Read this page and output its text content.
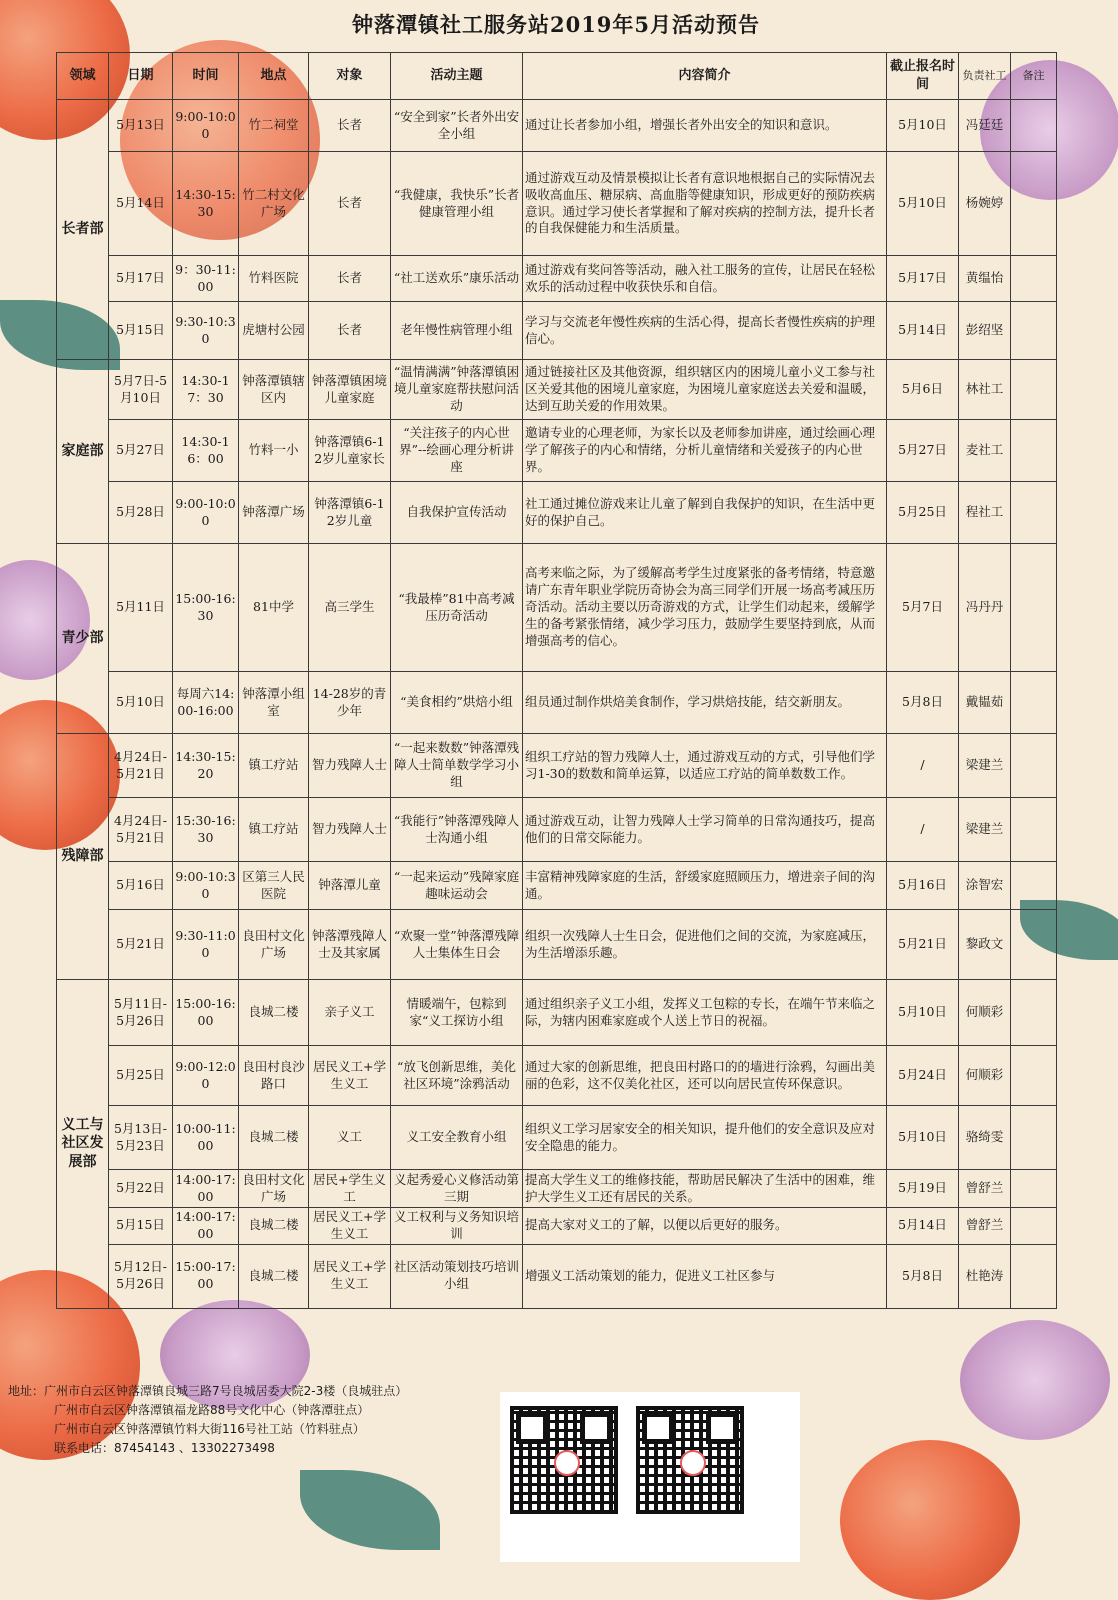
钟落潭镇社工服务站2019年5月活动预告
领域	日期	时间	地点	对象	活动主题	内容简介	截止报名时间	负责社工	备注
长者部	5月13日	9:00-10:00	竹二祠堂	长者	“安全到家”长者外出安全小组	通过让长者参加小组，增强长者外出安全的知识和意识。	5月10日	冯廷廷	
	5月14日	14:30-15:30	竹二村文化广场	长者	“我健康，我快乐”长者健康管理小组	通过游戏互动及情景模拟让长者有意识地根据自己的实际情况去吸收高血压、糖尿病、高血脂等健康知识，形成更好的预防疾病意识。通过学习使长者掌握和了解对疾病的控制方法，提升长者的自我保健能力和生活质量。	5月10日	杨婉婷	
	5月17日	9：30-11:00	竹料医院	长者	“社工送欢乐”康乐活动	通过游戏有奖问答等活动，融入社工服务的宣传，让居民在轻松欢乐的活动过程中收获快乐和自信。	5月17日	黄缊怡	
	5月15日	9:30-10:30	虎塘村公园	长者	老年慢性病管理小组	学习与交流老年慢性疾病的生活心得，提高长者慢性疾病的护理信心。	5月14日	彭绍坚	
家庭部	5月7日-5月10日	14:30-17：30	钟落潭镇辖区内	钟落潭镇困境儿童家庭	“温情满满”钟落潭镇困境儿童家庭帮扶慰问活动	通过链接社区及其他资源，组织辖区内的困境儿童小义工参与社区关爱其他的困境儿童家庭，为困境儿童家庭送去关爱和温暖，达到互助关爱的作用效果。	5月6日	林社工	
	5月27日	14:30-16：00	竹料一小	钟落潭镇6-12岁儿童家长	“关注孩子的内心世界”--绘画心理分析讲座	邀请专业的心理老师，为家长以及老师参加讲座，通过绘画心理学了解孩子的内心和情绪，分析儿童情绪和关爱孩子的内心世界。	5月27日	麦社工	
	5月28日	9:00-10:00	钟落潭广场	钟落潭镇6-12岁儿童	自我保护宣传活动	社工通过摊位游戏来让儿童了解到自我保护的知识，在生活中更好的保护自己。	5月25日	程社工	
青少部	5月11日	15:00-16:30	81中学	高三学生	“我最棒”81中高考减压历奇活动	高考来临之际，为了缓解高考学生过度紧张的备考情绪，特意邀请广东青年职业学院历奇协会为高三同学们开展一场高考减压历奇活动。活动主要以历奇游戏的方式，让学生们动起来，缓解学生的备考紧张情绪，减少学习压力，鼓励学生要坚持到底，从而增强高考的信心。	5月7日	冯丹丹	
	5月10日	每周六14:00-16:00	钟落潭小组室	14-28岁的青少年	“美食相约”烘焙小组	组员通过制作烘焙美食制作，学习烘焙技能，结交新朋友。	5月8日	戴韫茹	
残障部	4月24日-5月21日	14:30-15:20	镇工疗站	智力残障人士	“一起来数数”钟落潭残障人士简单数学学习小组	组织工疗站的智力残障人士，通过游戏互动的方式，引导他们学习1-30的数数和简单运算，以适应工疗站的简单数数工作。	/	梁建兰	
	4月24日-5月21日	15:30-16:30	镇工疗站	智力残障人士	“我能行”钟落潭残障人士沟通小组	通过游戏互动，让智力残障人士学习简单的日常沟通技巧，提高他们的日常交际能力。	/	梁建兰	
	5月16日	9:00-10:30	区第三人民医院	钟落潭儿童	“一起来运动”残障家庭趣味运动会	丰富精神残障家庭的生活，舒缓家庭照顾压力，增进亲子间的沟通。	5月16日	涂智宏	
	5月21日	9:30-11:00	良田村文化广场	钟落潭残障人士及其家属	“欢聚一堂”钟落潭残障人士集体生日会	组织一次残障人士生日会，促进他们之间的交流，为家庭减压，为生活增添乐趣。	5月21日	黎政文	
义工与社区发展部	5月11日-5月26日	15:00-16:00	良城二楼	亲子义工	情暖端午，包粽到家“义工探访小组	通过组织亲子义工小组，发挥义工包粽的专长，在端午节来临之际，为辖内困难家庭或个人送上节日的祝福。	5月10日	何顺彩	
	5月25日	9:00-12:00	良田村良沙路口	居民义工+学生义工	“放飞创新思维，美化社区环境”涂鸦活动	通过大家的创新思维，把良田村路口的的墙进行涂鸦，勾画出美丽的色彩，这不仅美化社区，还可以向居民宣传环保意识。	5月24日	何顺彩	
	5月13日-5月23日	10:00-11:00	良城二楼	义工	义工安全教育小组	组织义工学习居家安全的相关知识，提升他们的安全意识及应对安全隐患的能力。	5月10日	骆绮雯	
	5月22日	14:00-17:00	良田村文化广场	居民+学生义工	义起秀爱心义修活动第三期	提高大学生义工的维修技能，帮助居民解决了生活中的困难，维护大学生义工还有居民的关系。	5月19日	曾舒兰	
	5月15日	14:00-17:00	良城二楼	居民义工+学生义工	义工权利与义务知识培训	提高大家对义工的了解，以便以后更好的服务。	5月14日	曾舒兰	
	5月12日-5月26日	15:00-17:00	良城二楼	居民义工+学生义工	社区活动策划技巧培训小组	增强义工活动策划的能力，促进义工社区参与	5月8日	杜艳涛	
地址：广州市白云区钟落潭镇良城三路7号良城居委大院2-3楼（良城驻点）
广州市白云区钟落潭镇福龙路88号文化中心（钟落潭驻点）
广州市白云区钟落潭镇竹料大街116号社工站（竹料驻点）
联系电话：87454143 、13302273498
